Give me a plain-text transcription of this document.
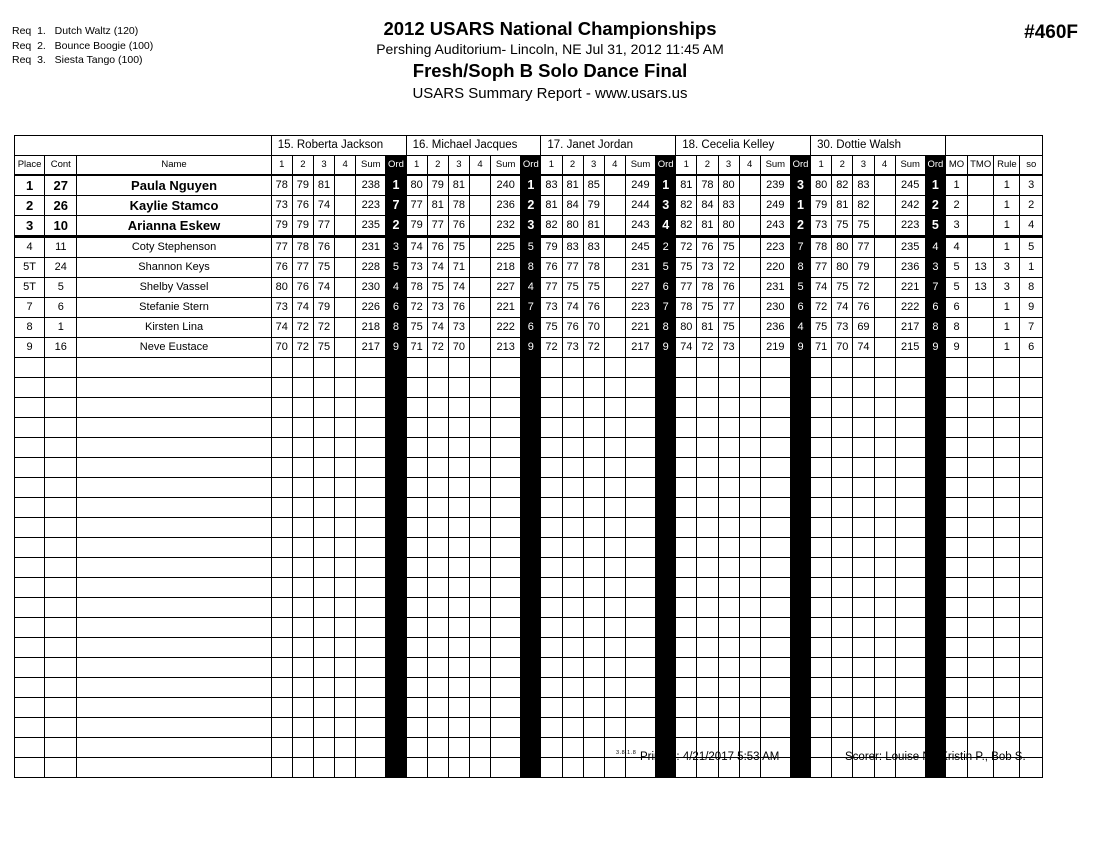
Req  1.   Dutch Waltz (120)
Req  2.   Bounce Boogie (100)
Req  3.   Siesta Tango (100)
2012 USARS National Championships
Pershing Auditorium- Lincoln, NE Jul 31, 2012 11:45 AM
Fresh/Soph B Solo Dance Final
USARS Summary Report - www.usars.us
#460F
			15. Roberta Jackson						16. Michael Jacques						17. Janet Jordan						18. Cecelia Kelley						30. Dottie Walsh									
Place	Cont	Name	1	2	3	4	Sum	Ord	1	2	3	4	Sum	Ord	1	2	3	4	Sum	Ord	1	2	3	4	Sum	Ord	1	2	3	4	Sum	Ord	MO	TMO	Rule	so
1	27	Paula Nguyen	78	79	81		238	1	80	79	81		240	1	83	81	85		249	1	81	78	80		239	3	80	82	83		245	1	1		1	3
2	26	Kaylie Stamco	73	76	74		223	7	77	81	78		236	2	81	84	79		244	3	82	84	83		249	1	79	81	82		242	2	2		1	2
3	10	Arianna Eskew	79	79	77		235	2	79	77	76		232	3	82	80	81		243	4	82	81	80		243	2	73	75	75		223	5	3		1	4
4	11	Coty Stephenson	77	78	76		231	3	74	76	75		225	5	79	83	83		245	2	72	76	75		223	7	78	80	77		235	4	4		1	5
5T	24	Shannon Keys	76	77	75		228	5	73	74	71		218	8	76	77	78		231	5	75	73	72		220	8	77	80	79		236	3	5	13	3	1
5T	5	Shelby Vassel	80	76	74		230	4	78	75	74		227	4	77	75	75		227	6	77	78	76		231	5	74	75	72		221	7	5	13	3	8
7	6	Stefanie Stern	73	74	79		226	6	72	73	76		221	7	73	74	76		223	7	78	75	77		230	6	72	74	76		222	6	6		1	9
8	1	Kirsten Lina	74	72	72		218	8	75	74	73		222	6	75	76	70		221	8	80	81	75		236	4	75	73	69		217	8	8		1	7
9	16	Neve Eustace	70	72	75		217	9	71	72	70		213	9	72	73	72		217	9	74	72	73		219	9	71	70	74		215	9	9		1	6

3.8.1.8 Printed: 4/21/2017 5:53 AM	Scorer: Louise N., Kristin P., Bob S.
